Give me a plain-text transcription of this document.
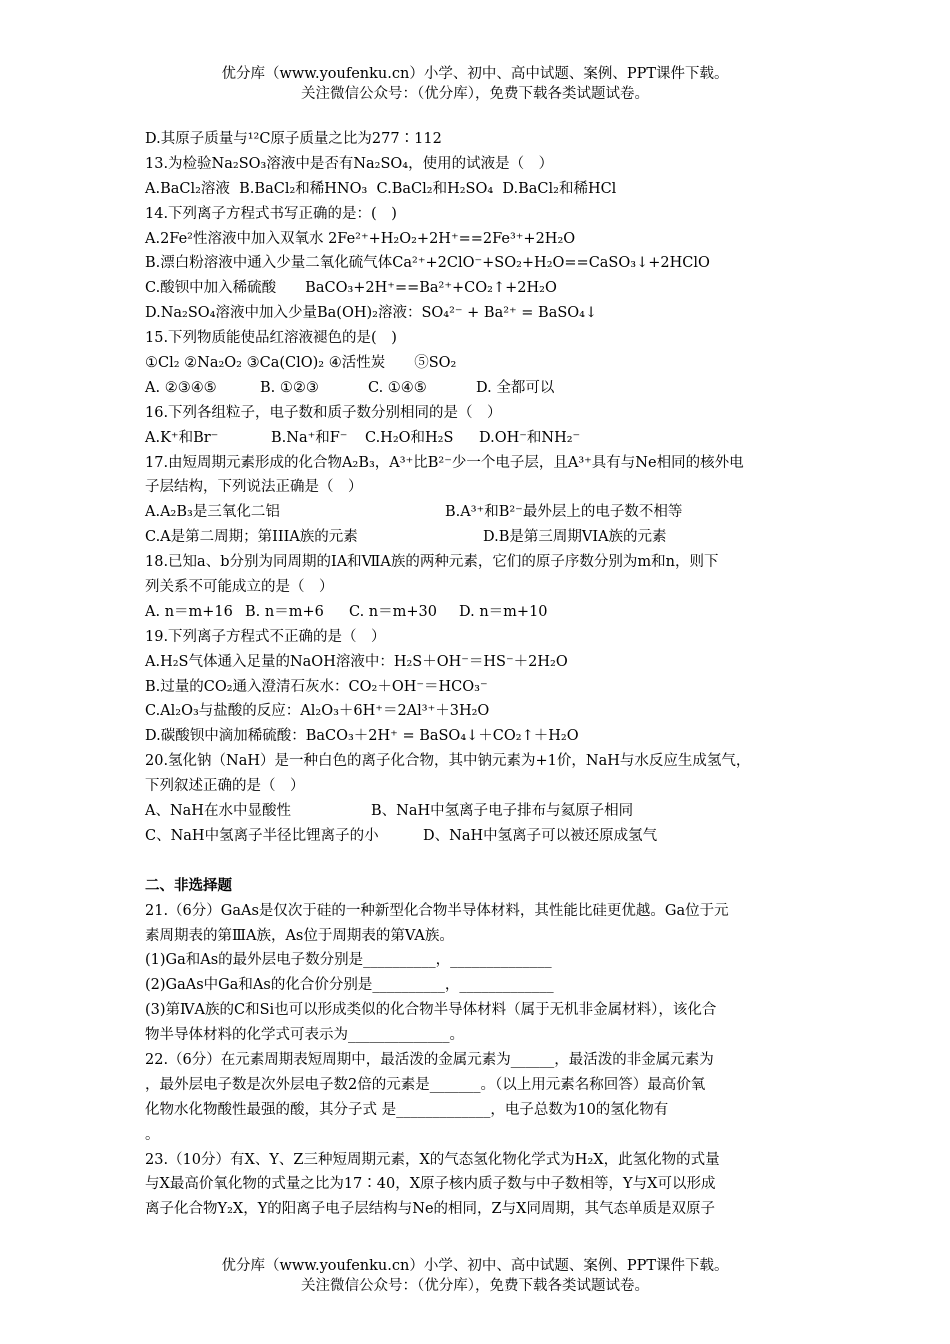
优分库（www.youfenku.cn）小学、初中、高中试题、案例、PPT课件下载。
关注微信公众号：（优分库），免费下载各类试题试卷。
D.其原子质量与¹²C原子质量之比为277∶112
13.为检验Na₂SO₃溶液中是否有Na₂SO₄，使用的试液是（　）
A.BaCl₂溶液 B.BaCl₂和稀HNO₃ C.BaCl₂和H₂SO₄ D.BaCl₂和稀HCl
14.下列离子方程式书写正确的是：(　)
A.2Fe²性溶液中加入双氧水 2Fe²⁺+H₂O₂+2H⁺==2Fe³⁺+2H₂O
B.漂白粉溶液中通入少量二氧化硫气体Ca²⁺+2ClO⁻+SO₂+H₂O==CaSO₃↓+2HClO
C.酸钡中加入稀硫酸　　BaCO₃+2H⁺==Ba²⁺+CO₂↑+2H₂O
D.Na₂SO₄溶液中加入少量Ba(OH)₂溶液：SO₄²⁻ + Ba²⁺ = BaSO₄↓
15.下列物质能使品红溶液褪色的是(　)
①Cl₂ ②Na₂O₂ ③Ca(ClO)₂ ④活性炭　　⑤SO₂
A. ②③④⑤	B. ①②③	C. ①④⑤	D. 全都可以
16.下列各组粒子，电子数和质子数分别相同的是（　）
A.K⁺和Br⁻	B.Na⁺和F⁻ C.H₂O和H₂S D.OH⁻和NH₂⁻
17.由短周期元素形成的化合物A₂B₃，A³⁺比B²⁻少一个电子层，且A³⁺具有与Ne相同的核外电
子层结构，下列说法正确是（　）
A.A₂B₃是三氧化二铝	B.A³⁺和B²⁻最外层上的电子数不相等
C.A是第二周期；第IIIA族的元素	D.B是第三周期VIA族的元素
18.已知a、b分别为同周期的ⅠA和ⅦA族的两种元素，它们的原子序数分别为m和n，则下
列关系不可能成立的是（　）
A. n＝m+16 B. n＝m+6 C. n＝m+30 D. n＝m+10
19.下列离子方程式不正确的是（　）
A.H₂S气体通入足量的NaOH溶液中：H₂S＋OH⁻＝HS⁻＋2H₂O
B.过量的CO₂通入澄清石灰水：CO₂＋OH⁻＝HCO₃⁻
C.Al₂O₃与盐酸的反应：Al₂O₃＋6H⁺＝2Al³⁺＋3H₂O
D.碳酸钡中滴加稀硫酸：BaCO₃＋2H⁺ = BaSO₄↓＋CO₂↑＋H₂O
20.氢化钠（NaH）是一种白色的离子化合物，其中钠元素为+1价，NaH与水反应生成氢气，
下列叙述正确的是（　）
A、NaH在水中显酸性	B、NaH中氢离子电子排布与氦原子相同
C、NaH中氢离子半径比锂离子的小	D、NaH中氢离子可以被还原成氢气
二、非选择题
21.（6分）GaAs是仅次于硅的一种新型化合物半导体材料，其性能比硅更优越。Ga位于元
素周期表的第ⅢA族，As位于周期表的第VA族。
(1)Ga和As的最外层电子数分别是__________，______________
(2)GaAs中Ga和As的化合价分别是__________，_____________
(3)第ⅣA族的C和Si也可以形成类似的化合物半导体材料（属于无机非金属材料），该化合
物半导体材料的化学式可表示为______________。
22.（6分）在元素周期表短周期中，最活泼的金属元素为______，最活泼的非金属元素为
，最外层电子数是次外层电子数2倍的元素是_______。（以上用元素名称回答）最高价氧
化物水化物酸性最强的酸，其分子式 是_____________，电子总数为10的氢化物有
。
23.（10分）有X、Y、Z三种短周期元素，X的气态氢化物化学式为H₂X，此氢化物的式量
与X最高价氧化物的式量之比为17∶40，X原子核内质子数与中子数相等，Y与X可以形成
离子化合物Y₂X，Y的阳离子电子层结构与Ne的相同，Z与X同周期，其气态单质是双原子
优分库（www.youfenku.cn）小学、初中、高中试题、案例、PPT课件下载。
关注微信公众号：（优分库），免费下载各类试题试卷。
